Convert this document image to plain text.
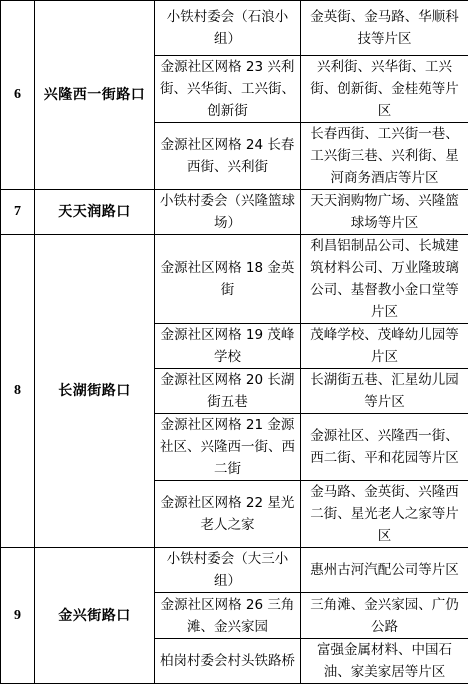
6	兴隆西一街路口	小铁村委会（石浪小组）	金英街、金马路、华顺科技等片区
		金源社区网格 23 兴利街、兴华街、工兴街、创新街	兴利街、兴华街、工兴街、创新街、金桂苑等片区
		金源社区网格 24 长春西街、兴利街	长春西街、工兴街一巷、工兴街三巷、兴利街、星河商务酒店等片区
7	天天润路口	小铁村委会（兴隆篮球场）	天天润购物广场、兴隆篮球场等片区
8	长湖街路口	金源社区网格 18 金英街	利昌铝制品公司、长城建筑材料公司、万业隆玻璃公司、基督教小金口堂等片区
		金源社区网格 19 茂峰学校	茂峰学校、茂峰幼儿园等片区
		金源社区网格 20 长湖街五巷	长湖街五巷、汇星幼儿园等片区
		金源社区网格 21 金源社区、兴隆西一街、西二街	金源社区、兴隆西一街、西二街、平和花园等片区
		金源社区网格 22 星光老人之家	金马路、金英街、兴隆西二街、星光老人之家等片区
9	金兴街路口	小铁村委会（大三小组）	惠州古河汽配公司等片区
		金源社区网格 26 三角滩、金兴家园	三角滩、金兴家园、广仍公路
		柏岗村委会村头铁路桥	富强金属材料、中国石油、家美家居等片区
